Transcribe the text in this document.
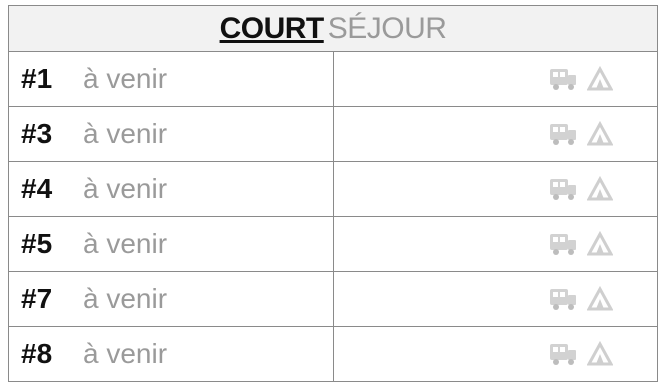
COURT SÉJOUR	
#1 à venir	

#3 à venir	

#4 à venir	

#5 à venir	

#7 à venir	

#8 à venir	
